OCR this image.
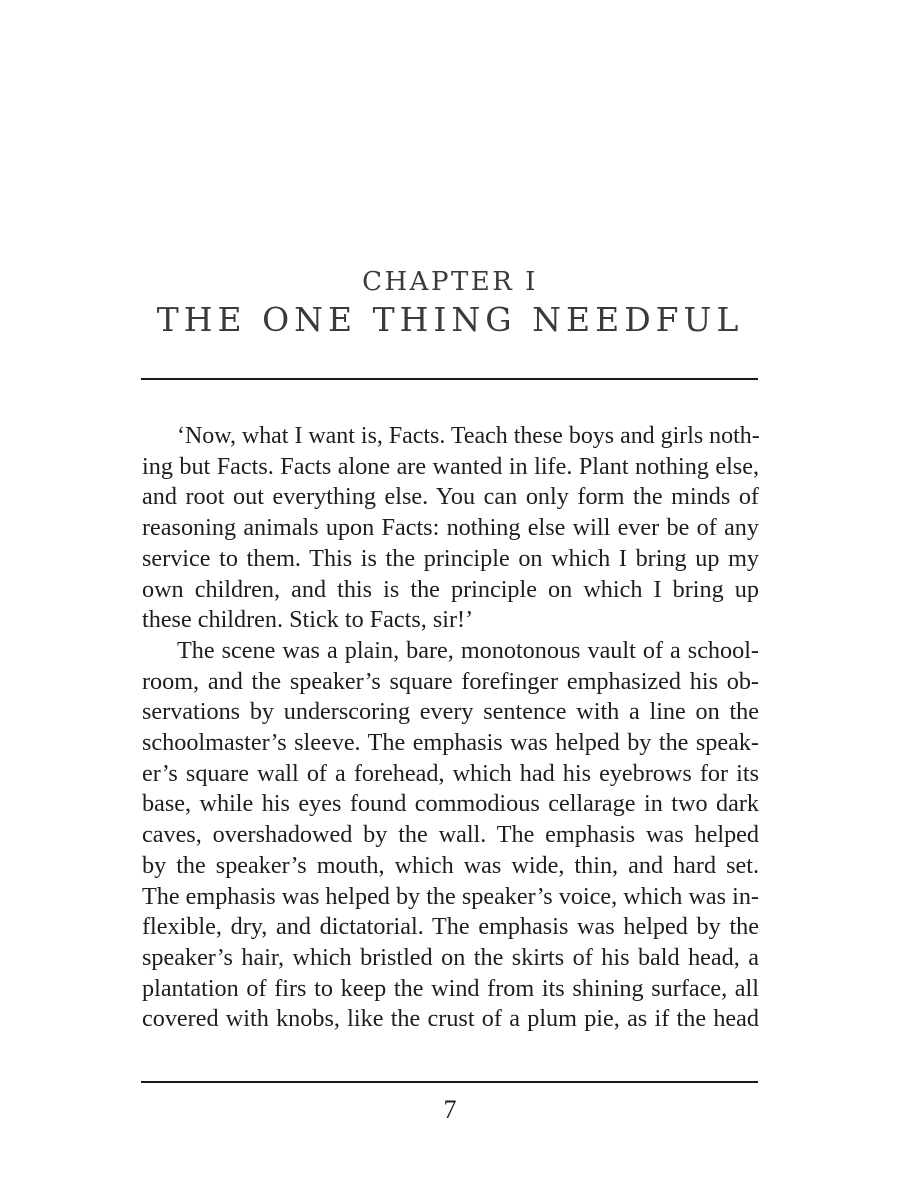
CHAPTER I
THE ONE THING NEEDFUL

‘Now, what I want is, Facts. Teach these boys and girls noth-
ing but Facts. Facts alone are wanted in life. Plant nothing else,
and root out everything else. You can only form the minds of
reasoning animals upon Facts: nothing else will ever be of any
service to them. This is the principle on which I bring up my
own children, and this is the principle on which I bring up
these children. Stick to Facts, sir!’

The scene was a plain, bare, monotonous vault of a school-
room, and the speaker’s square forefinger emphasized his ob-
servations by underscoring every sentence with a line on the
schoolmaster’s sleeve. The emphasis was helped by the speak-
er’s square wall of a forehead, which had his eyebrows for its
base, while his eyes found commodious cellarage in two dark
caves, overshadowed by the wall. The emphasis was helped
by the speaker’s mouth, which was wide, thin, and hard set.
The emphasis was helped by the speaker’s voice, which was in-
flexible, dry, and dictatorial. The emphasis was helped by the
speaker’s hair, which bristled on the skirts of his bald head, a
plantation of firs to keep the wind from its shining surface, all
covered with knobs, like the crust of a plum pie, as if the head

7
